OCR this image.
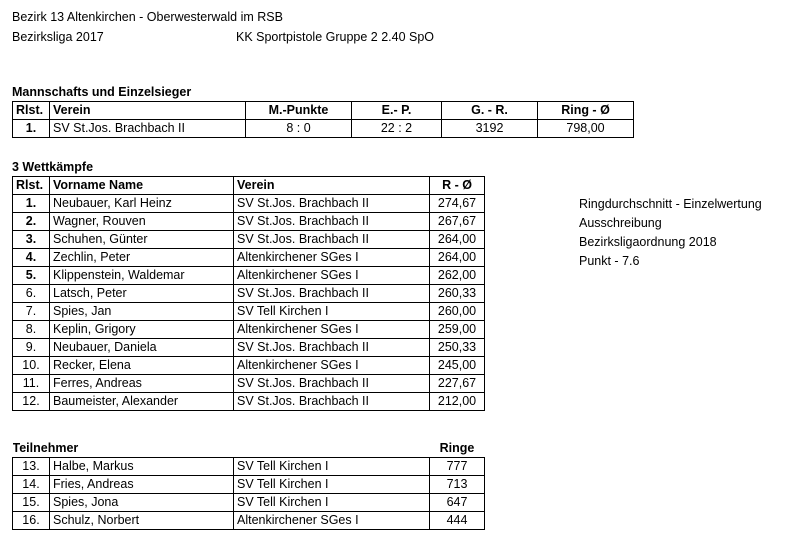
Bezirk 13 Altenkirchen - Oberwesterwald im RSB
Bezirksliga 2017	KK Sportpistole Gruppe 2 2.40 SpO
Mannschafts und Einzelsieger
Rlst.	Verein	M.-Punkte	E.- P.	G. - R.	Ring - Ø
1.	SV St.Jos. Brachbach II	8 : 0	22 : 2	3192	798,00
3 Wettkämpfe
Rlst.	Vorname Name	Verein	R - Ø
1.	Neubauer, Karl Heinz	SV St.Jos. Brachbach II	274,67
2.	Wagner, Rouven	SV St.Jos. Brachbach II	267,67
3.	Schuhen, Günter	SV St.Jos. Brachbach II	264,00
4.	Zechlin, Peter	Altenkirchener SGes I	264,00
5.	Klippenstein, Waldemar	Altenkirchener SGes I	262,00
6.	Latsch, Peter	SV St.Jos. Brachbach II	260,33
7.	Spies, Jan	SV Tell Kirchen I	260,00
8.	Keplin, Grigory	Altenkirchener SGes I	259,00
9.	Neubauer, Daniela	SV St.Jos. Brachbach II	250,33
10.	Recker, Elena	Altenkirchener SGes I	245,00
11.	Ferres, Andreas	SV St.Jos. Brachbach II	227,67
12.	Baumeister, Alexander	SV St.Jos. Brachbach II	212,00
Ringdurchschnitt - Einzelwertung
Ausschreibung
Bezirksligaordnung 2018
Punkt - 7.6
Teilnehmer			Ringe
13.	Halbe, Markus	SV Tell Kirchen I	777
14.	Fries, Andreas	SV Tell Kirchen I	713
15.	Spies, Jona	SV Tell Kirchen I	647
16.	Schulz, Norbert	Altenkirchener SGes I	444
